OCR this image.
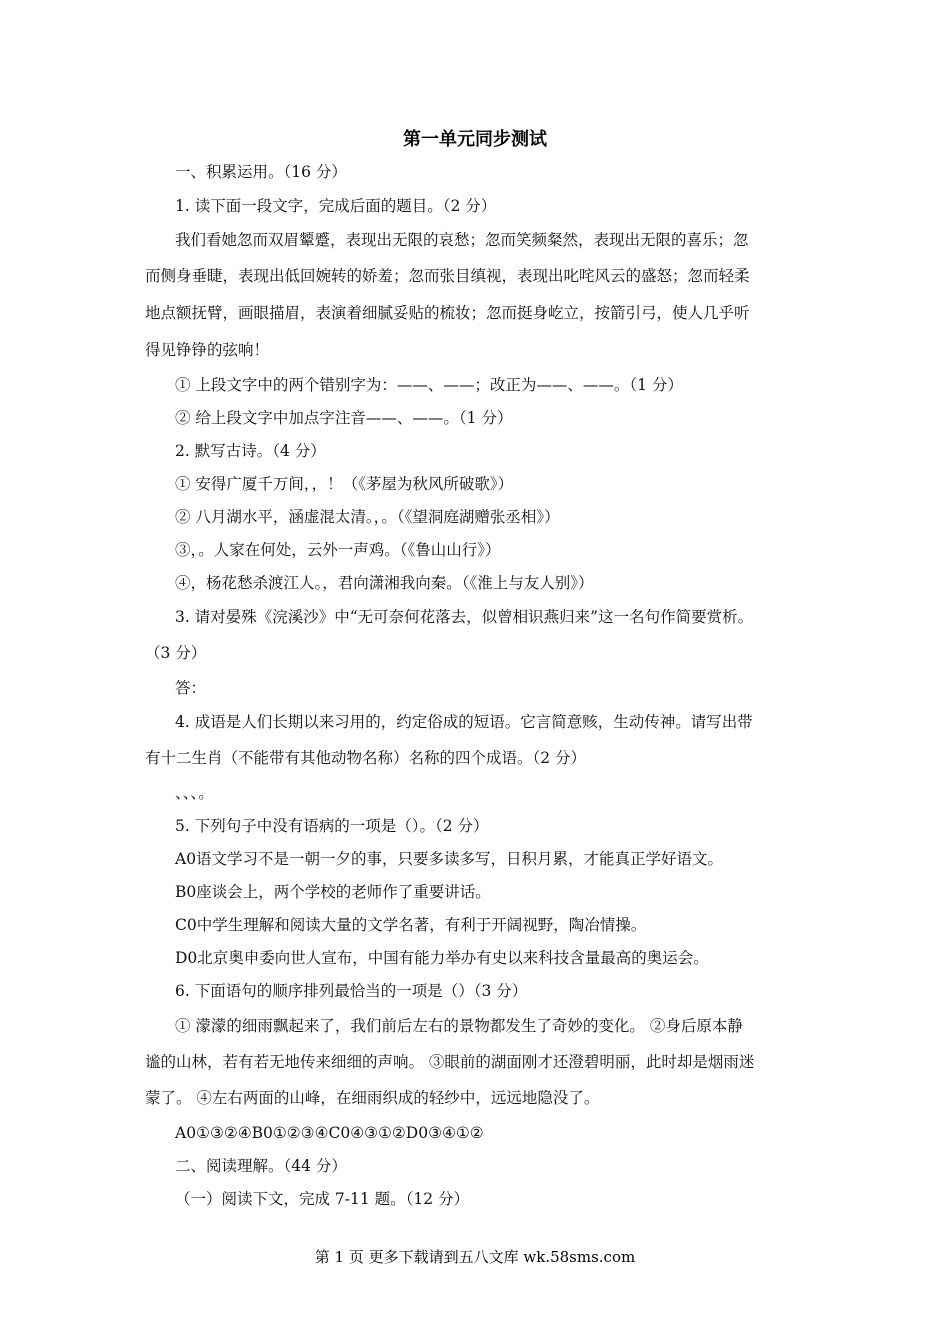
第一单元同步测试
一、积累运用。（16 分）
1. 读下面一段文字，完成后面的题目。（2 分）
我们看她忽而双眉颦蹙，表现出无限的哀愁；忽而笑频粲然，表现出无限的喜乐；忽
而侧身垂睫，表现出低回婉转的娇羞；忽而张目缜视，表现出叱咤风云的盛怒；忽而轻柔
地点额抚臂，画眼描眉，表演着细腻妥贴的梳妆；忽而挺身屹立，按箭引弓，使人几乎听
得见铮铮的弦响！
① 上段文字中的两个错别字为：——、——；改正为——、——。（1 分）
② 给上段文字中加点字注音——、——。（1 分）
2. 默写古诗。（4 分）
① 安得广厦千万间，，！（《茅屋为秋风所破歌》）
② 八月湖水平，涵虚混太清。，。（《望洞庭湖赠张丞相》）
③，。人家在何处，云外一声鸡。（《鲁山山行》）
④，杨花愁杀渡江人。，君向潇湘我向秦。（《淮上与友人别》）
3. 请对晏殊《浣溪沙》中“无可奈何花落去，似曾相识燕归来”这一名句作简要赏析。
（3 分）
答：
4. 成语是人们长期以来习用的，约定俗成的短语。它言简意赅，生动传神。请写出带
有十二生肖（不能带有其他动物名称）名称的四个成语。（2 分）
、、、。
5. 下列句子中没有语病的一项是（）。（2 分）
A0语文学习不是一朝一夕的事，只要多读多写，日积月累，才能真正学好语文。
B0座谈会上，两个学校的老师作了重要讲话。
C0中学生理解和阅读大量的文学名著，有利于开阔视野，陶冶情操。
D0北京奥申委向世人宣布，中国有能力举办有史以来科技含量最高的奥运会。
6. 下面语句的顺序排列最恰当的一项是（）（3 分）
① 濛濛的细雨飘起来了，我们前后左右的景物都发生了奇妙的变化。 ②身后原本静
谧的山林，若有若无地传来细细的声响。 ③眼前的湖面刚才还澄碧明丽，此时却是烟雨迷
蒙了。 ④左右两面的山峰，在细雨织成的轻纱中，远远地隐没了。
A0①③②④B0①②③④C0④③①②D0③④①②
二、阅读理解。（44 分）
（一）阅读下文，完成 7-11 题。（12 分）
第 1 页 更多下载请到五八文库 wk.58sms.com
